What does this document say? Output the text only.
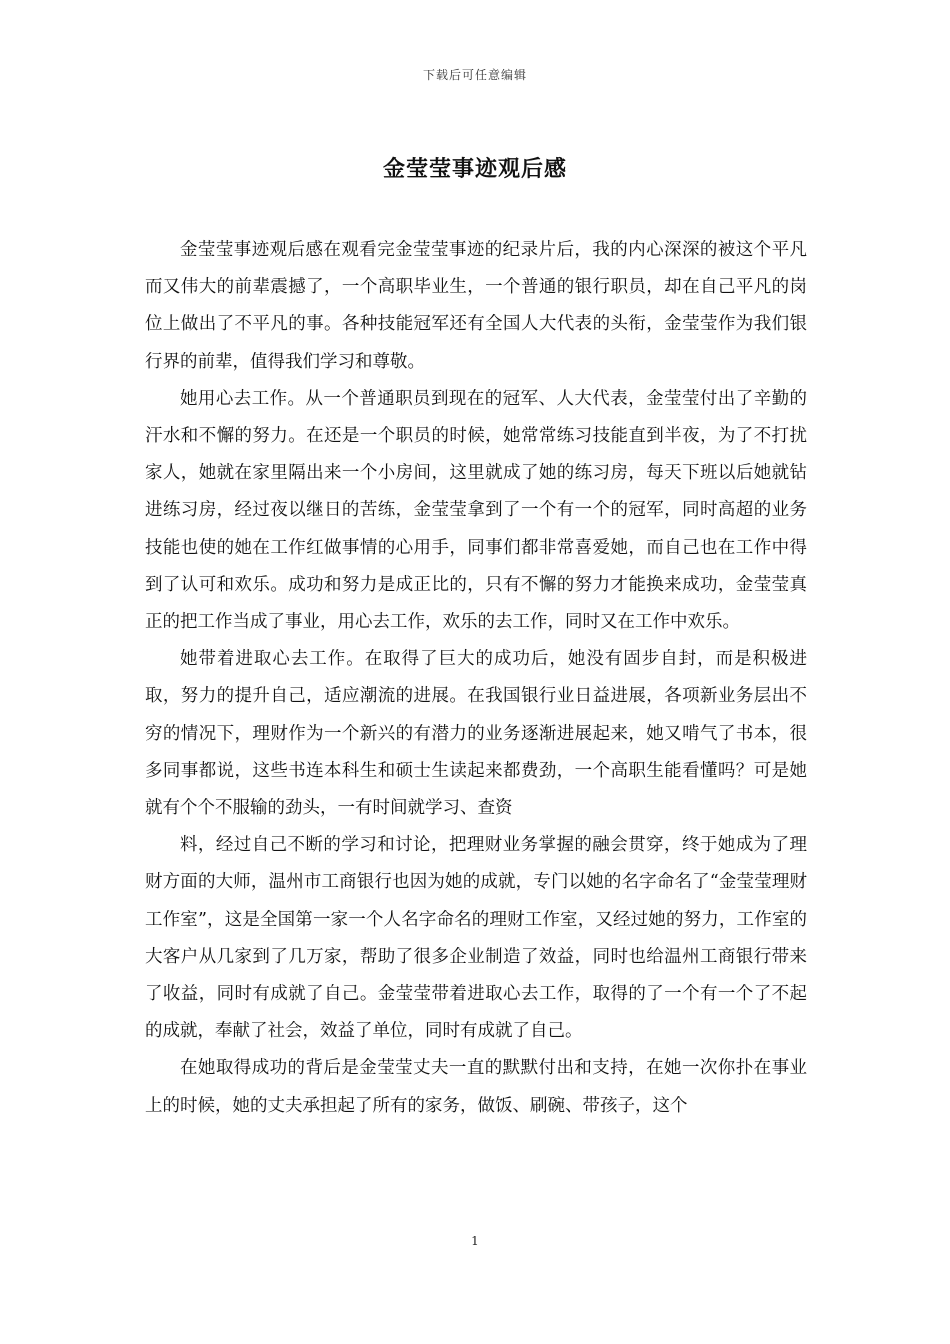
下载后可任意编辑
金莹莹事迹观后感

金莹莹事迹观后感在观看完金莹莹事迹的纪录片后，我的内心深深的被这个平凡而又伟大的前辈震撼了，一个高职毕业生，一个普通的银行职员，却在自己平凡的岗位上做出了不平凡的事。各种技能冠军还有全国人大代表的头衔，金莹莹作为我们银行界的前辈，值得我们学习和尊敬。

她用心去工作。从一个普通职员到现在的冠军、人大代表，金莹莹付出了辛勤的汗水和不懈的努力。在还是一个职员的时候，她常常练习技能直到半夜，为了不打扰家人，她就在家里隔出来一个小房间，这里就成了她的练习房，每天下班以后她就钻进练习房，经过夜以继日的苦练，金莹莹拿到了一个有一个的冠军，同时高超的业务技能也使的她在工作红做事情的心用手，同事们都非常喜爱她，而自己也在工作中得到了认可和欢乐。成功和努力是成正比的，只有不懈的努力才能换来成功，金莹莹真正的把工作当成了事业，用心去工作，欢乐的去工作，同时又在工作中欢乐。

她带着进取心去工作。在取得了巨大的成功后，她没有固步自封，而是积极进取，努力的提升自己，适应潮流的进展。在我国银行业日益进展，各项新业务层出不穷的情况下，理财作为一个新兴的有潜力的业务逐渐进展起来，她又啃气了书本，很多同事都说，这些书连本科生和硕士生读起来都费劲，一个高职生能看懂吗？可是她就有个个不服输的劲头，一有时间就学习、查资

料，经过自己不断的学习和讨论，把理财业务掌握的融会贯穿，终于她成为了理财方面的大师，温州市工商银行也因为她的成就，专门以她的名字命名了“金莹莹理财工作室”，这是全国第一家一个人名字命名的理财工作室，又经过她的努力，工作室的大客户从几家到了几万家，帮助了很多企业制造了效益，同时也给温州工商银行带来了收益，同时有成就了自己。金莹莹带着进取心去工作，取得的了一个有一个了不起的成就，奉献了社会，效益了单位，同时有成就了自己。

在她取得成功的背后是金莹莹丈夫一直的默默付出和支持，在她一次你扑在事业上的时候，她的丈夫承担起了所有的家务，做饭、刷碗、带孩子，这个

1
